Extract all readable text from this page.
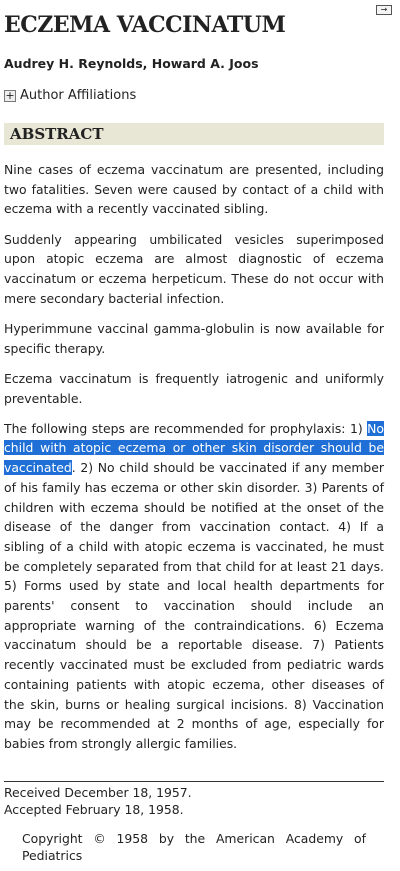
→
ECZEMA VACCINATUM
Audrey H. Reynolds, Howard A. Joos
+ Author Affiliations
ABSTRACT

Nine cases of eczema vaccinatum are presented, including two fatalities. Seven were caused by contact of a child with eczema with a recently vaccinated sibling.

Suddenly appearing umbilicated vesicles superimposed upon atopic eczema are almost diagnostic of eczema vaccinatum or eczema herpeticum. These do not occur with mere secondary bacterial infection.

Hyperimmune vaccinal gamma-globulin is now available for specific therapy.

Eczema vaccinatum is frequently iatrogenic and uniformly preventable.

The following steps are recommended for prophylaxis: 1) No child with atopic eczema or other skin disorder should be vaccinated. 2) No child should be vaccinated if any member of his family has eczema or other skin disorder. 3) Parents of children with eczema should be notified at the onset of the disease of the danger from vaccination contact. 4) If a sibling of a child with atopic eczema is vaccinated, he must be completely separated from that child for at least 21 days. 5) Forms used by state and local health departments for parents' consent to vaccination should include an appropriate warning of the contraindications. 6) Eczema vaccinatum should be a reportable disease. 7) Patients recently vaccinated must be excluded from pediatric wards containing patients with atopic eczema, other diseases of the skin, burns or healing surgical incisions. 8) Vaccination may be recommended at 2 months of age, especially for babies from strongly allergic families.

Received December 18, 1957.
Accepted February 18, 1958.
Copyright © 1958 by the American Academy of Pediatrics
